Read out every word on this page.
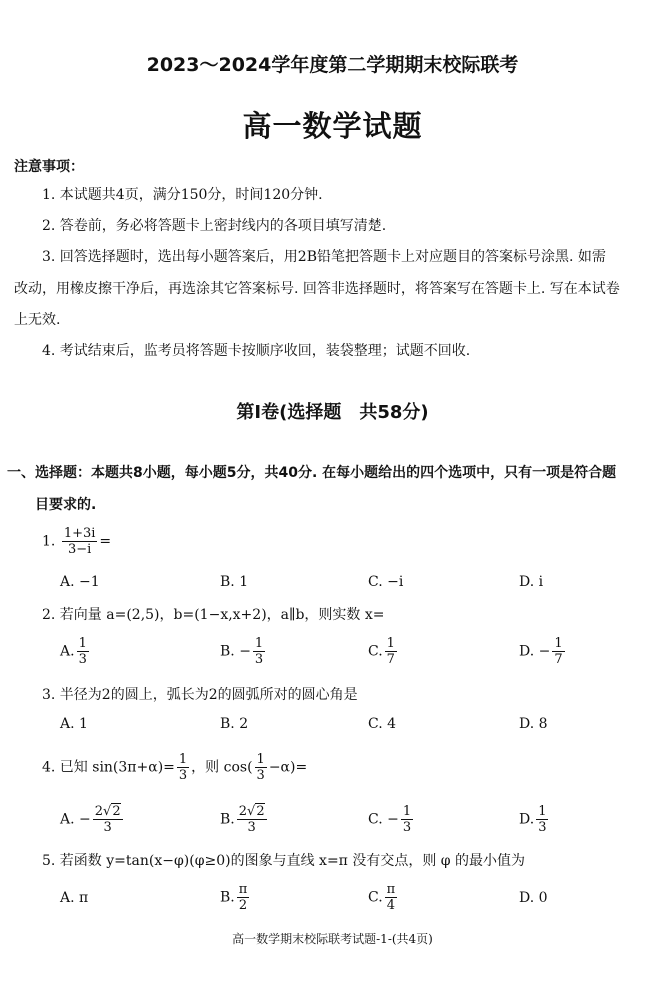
2023～2024学年度第二学期期末校际联考
高一数学试题
注意事项：
1. 本试题共4页，满分150分，时间120分钟.
2. 答卷前，务必将答题卡上密封线内的各项目填写清楚.
3. 回答选择题时，选出每小题答案后，用2B铅笔把答题卡上对应题目的答案标号涂黑. 如需
改动，用橡皮擦干净后，再选涂其它答案标号. 回答非选择题时，将答案写在答题卡上. 写在本试卷
上无效.
4. 考试结束后，监考员将答题卡按顺序收回，装袋整理；试题不回收.
第Ⅰ卷(选择题　共58分)
一、选择题：本题共8小题，每小题5分，共40分. 在每小题给出的四个选项中，只有一项是符合题
目要求的.
1. $\frac{1+3i}{3-i}$ =
A. −1	B. 1	C. −i	D. i
2. 若向量 a=(2,5)，b=(1−x,x+2)，a∥b，则实数 x=
A. $\frac{1}{3}$	B. − $\frac{1}{3}$	C. $\frac{1}{7}$	D. − $\frac{1}{7}$
3. 半径为2的圆上，弧长为2的圆弧所对的圆心角是
A. 1	B. 2	C. 4	D. 8
4. 已知 $\sin(3\pi+\alpha)= \frac{1}{3}$ ，则 $\cos( \frac{1}{3} -\alpha)=$
A. − $\frac{2√2}{3}$	B. $\frac{2√2}{3}$	C. − $\frac{1}{3}$	D. $\frac{1}{3}$
5. 若函数 y=tan(x−φ)(φ≥0)的图象与直线 x=π 没有交点，则 φ 的最小值为
A. π	B. $\frac{\pi}{2}$	C. $\frac{\pi}{4}$	D. 0
高一数学期末校际联考试题-1-(共4页)
